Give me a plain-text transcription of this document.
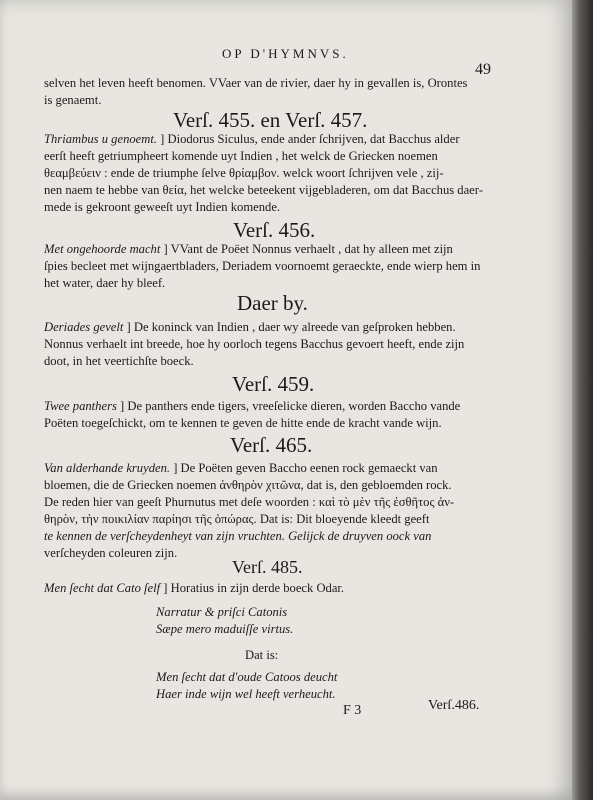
OP D'HYMNVS.
49
selven het leven heeft benomen. VVaer van de rivier, daer hy in gevallen is, Orontes
is genaemt.
Verſ. 455. en Verſ. 457.
Thriambus u genoemt. ] Diodorus Siculus, ende ander ſchrijven, dat Bacchus alder
eerſt heeft getriumpheert komende uyt Indien , het welck de Griecken noemen
θεαμβεύειν : ende de triumphe ſelve θρίαμβον. welck woort ſchrijven vele , zij-
nen naem te hebbe van θεία, het welcke beteekent vijgebladeren, om dat Bacchus daer-
mede is gekroont geweeſt uyt Indien komende.
Verſ. 456.
Met ongehoorde macht ] VVant de Poëet Nonnus verhaelt , dat hy alleen met zijn
ſpies becleet met wijngaertbladers, Deriadem voornoemt geraeckte, ende wierp hem in
het water, daer hy bleef.
Daer by.
Deriades gevelt ] De koninck van Indien , daer wy alreede van geſproken hebben.
Nonnus verhaelt int breede, hoe hy oorloch tegens Bacchus gevoert heeft, ende zijn
doot, in het veertichſte boeck.
Verſ. 459.
Twee panthers ] De panthers ende tigers, vreeſelicke dieren, worden Baccho vande
Poëten toegeſchickt, om te kennen te geven de hitte ende de kracht vande wijn.
Verſ. 465.
Van alderhande kruyden. ] De Poëten geven Baccho eenen rock gemaeckt van
bloemen, die de Griecken noemen ἀνθηρὸν χιτῶνα, dat is, den gebloemden rock.
De reden hier van geeſt Phurnutus met deſe woorden : καὶ τὸ μὲν τῆς ἐσθῆτος ἀν-
θηρὸν, τὴν ποικιλίαν παρίησι τῆς ὀπώρας. Dat is: Dit bloeyende kleedt geeft
te kennen de verſcheydenheyt van zijn vruchten. Gelijck de druyven oock van
verſcheyden coleuren zijn.
Verſ. 485.
Men ſecht dat Cato ſelf ] Horatius in zijn derde boeck Odar.
Narratur & priſci Catonis
Sæpe mero maduiſſe virtus.
Dat is:
Men ſecht dat d'oude Catoos deucht
Haer inde wijn wel heeft verheucht.
F 3	Verſ.486.
